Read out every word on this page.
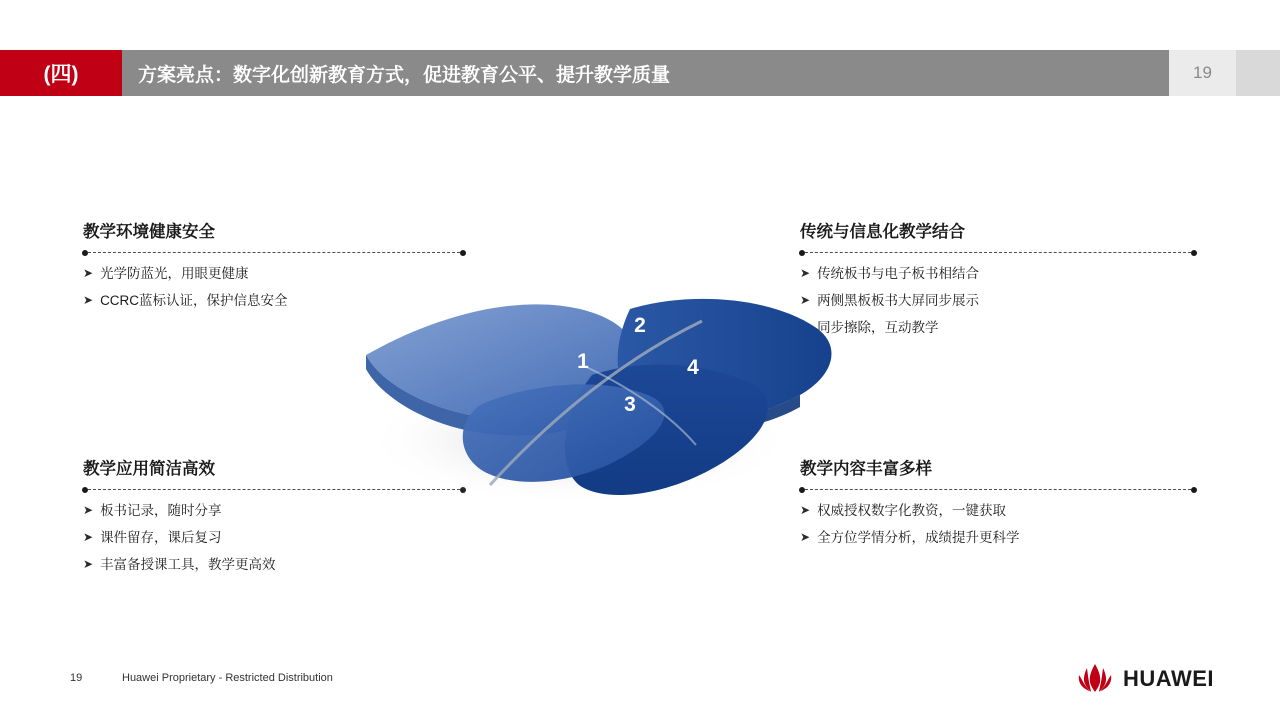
(四)	方案亮点：数字化创新教育方式，促进教育公平、提升教学质量	19
教学环境健康安全
➤ 光学防蓝光，用眼更健康
➤ CCRC蓝标认证，保护信息安全
传统与信息化教学结合
➤ 传统板书与电子板书相结合
➤ 两侧黑板板书大屏同步展示
同步擦除，互动教学
教学应用简洁高效
➤ 板书记录，随时分享
➤ 课件留存，课后复习
➤ 丰富备授课工具，教学更高效
教学内容丰富多样
➤ 权威授权数字化教资，一键获取
➤ 全方位学情分析，成绩提升更科学
1
2
3
4
19	Huawei Proprietary - Restricted Distribution	HUAWEI
